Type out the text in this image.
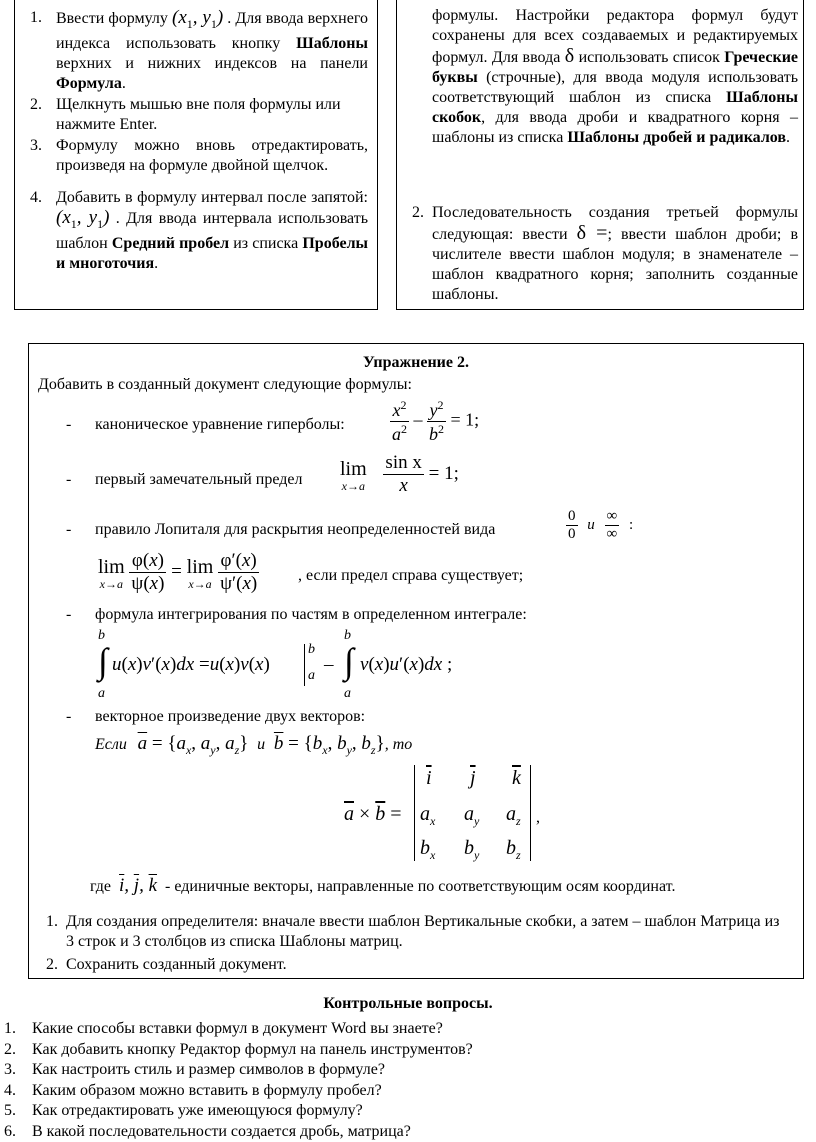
1. Ввести формулу ($x_1$, $y_1$) . Для ввода верхнего индекса использовать кнопку Шаблоны верхних и нижних индексов на панели Формула.
2. Щелкнуть мышью вне поля формулы или нажмите Enter.
3. Формулу можно вновь отредактировать, произведя на формуле двойной щелчок.
4. Добавить в формулу интервал после запятой: ($x_1$, $y_1$) . Для ввода интервала использовать шаблон Средний пробел из списка Пробелы и многоточия.
формулы. Настройки редактора формул будут сохранены для всех создаваемых и редактируемых формул. Для ввода δ использовать список Греческие буквы (строчные), для ввода модуля использовать соответствующий шаблон из списка Шаблоны скобок, для ввода дроби и квадратного корня – шаблоны из списка Шаблоны дробей и радикалов.
2. Последовательность создания третьей формулы следующая: ввести δ =; ввести шаблон дроби; в числителе ввести шаблон модуля; в знаменателе – шаблон квадратного корня; заполнить созданные шаблоны.
Упражнение 2.
Добавить в созданный документ следующие формулы:
- каноническое уравнение гиперболы:	$\frac{x^2}{a^2} - \frac{y^2}{b^2} = 1$;
- первый замечательный предел lim
x→a
$\frac{\text{sin x}}{x} = 1$;
- правило Лопиталя для раскрытия неопределенностей вида	$\frac{0}{0}$ и $\frac{\infty}{\infty}$ :
lim
x→a
$\frac{\varphi(x)}{\psi(x)} = \lim$
x→a
$\frac{\varphi'(x)}{\psi'(x)}$ , если предел справа существует;
- формула интегрирования по частям в определенном интеграле:
b
∫
a
u(x)v′(x)dx =u(x)v(x)
b
a
–
b
∫
a
v(x)u′(x)dx ;
- векторное произведение двух векторов:
Если $\overline{a} = \{a_x$, $a_y$, $a_z$} и $\overline{b} = \{b_x$, $b_y$, $b_z$}, то
$\overline{a} \times \overline{b}$ =
$\overline{i}$ $\overline{j}$ $\overline{k}$
$a_x$ $a_y$ $a_z$
$b_x$ $b_y$ $b_z$
,
где $\overline{i}$, $\overline{j}$, $\overline{k}$ - единичные векторы, направленные по соответствующим осям координат.
1. Для создания определителя: вначале ввести шаблон Вертикальные скобки, а затем – шаблон Матрица из 3 строк и 3 столбцов из списка Шаблоны матриц.
2. Сохранить созданный документ.
Контрольные вопросы.
1. Какие способы вставки формул в документ Word вы знаете?
2. Как добавить кнопку Редактор формул на панель инструментов?
3. Как настроить стиль и размер символов в формуле?
4. Каким образом можно вставить в формулу пробел?
5. Как отредактировать уже имеющуюся формулу?
6. В какой последовательности создается дробь, матрица?
